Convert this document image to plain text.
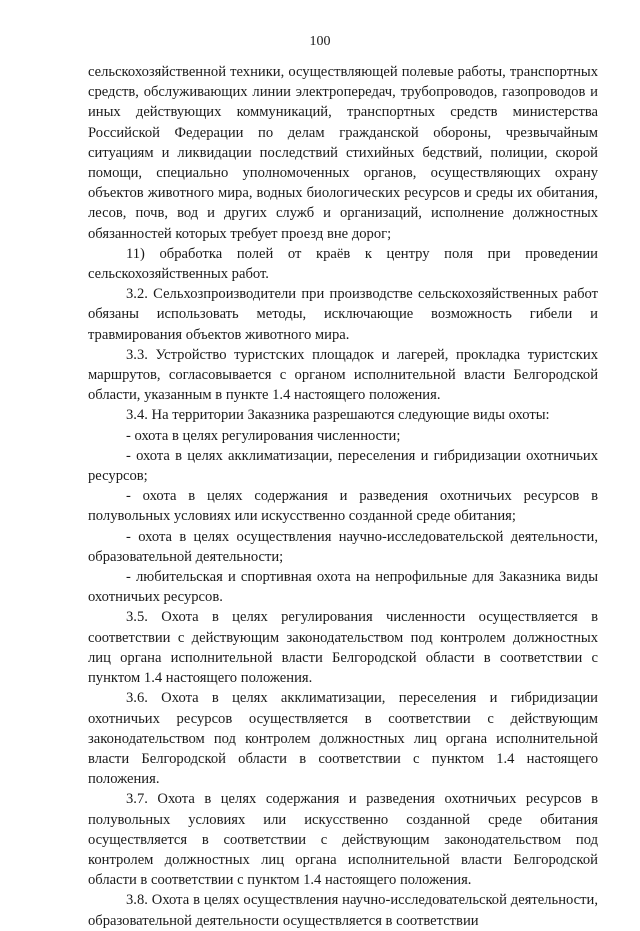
100

сельскохозяйственной техники, осуществляющей полевые работы, транспортных средств, обслуживающих линии электропередач, трубопроводов, газопроводов и иных действующих коммуникаций, транспортных средств министерства Российской Федерации по делам гражданской обороны, чрезвычайным ситуациям и ликвидации последствий стихийных бедствий, полиции, скорой помощи, специально уполномоченных органов, осуществляющих охрану объектов животного мира, водных биологических ресурсов и среды их обитания, лесов, почв, вод и других служб и организаций, исполнение должностных обязанностей которых требует проезд вне дорог;

11) обработка полей от краёв к центру поля при проведении сельскохозяйственных работ.

3.2. Сельхозпроизводители при производстве сельскохозяйственных работ обязаны использовать методы, исключающие возможность гибели и травмирования объектов животного мира.

3.3. Устройство туристских площадок и лагерей, прокладка туристских маршрутов, согласовывается с органом исполнительной власти Белгородской области, указанным в пункте 1.4 настоящего положения.

3.4. На территории Заказника разрешаются следующие виды охоты:

- охота в целях регулирования численности;

- охота в целях акклиматизации, переселения и гибридизации охотничьих ресурсов;

- охота в целях содержания и разведения охотничьих ресурсов в полувольных условиях или искусственно созданной среде обитания;

- охота в целях осуществления научно-исследовательской деятельности, образовательной деятельности;

- любительская и спортивная охота на непрофильные для Заказника виды охотничьих ресурсов.

3.5. Охота в целях регулирования численности осуществляется в соответствии с действующим законодательством под контролем должностных лиц органа исполнительной власти Белгородской области в соответствии с пунктом 1.4 настоящего положения.

3.6. Охота в целях акклиматизации, переселения и гибридизации охотничьих ресурсов осуществляется в соответствии с действующим законодательством под контролем должностных лиц органа исполнительной власти Белгородской области в соответствии с пунктом 1.4 настоящего положения.

3.7. Охота в целях содержания и разведения охотничьих ресурсов в полувольных условиях или искусственно созданной среде обитания осуществляется в соответствии с действующим законодательством под контролем должностных лиц органа исполнительной власти Белгородской области в соответствии с пунктом 1.4 настоящего положения.

3.8. Охота в целях осуществления научно-исследовательской деятельности, образовательной деятельности осуществляется в соответствии
